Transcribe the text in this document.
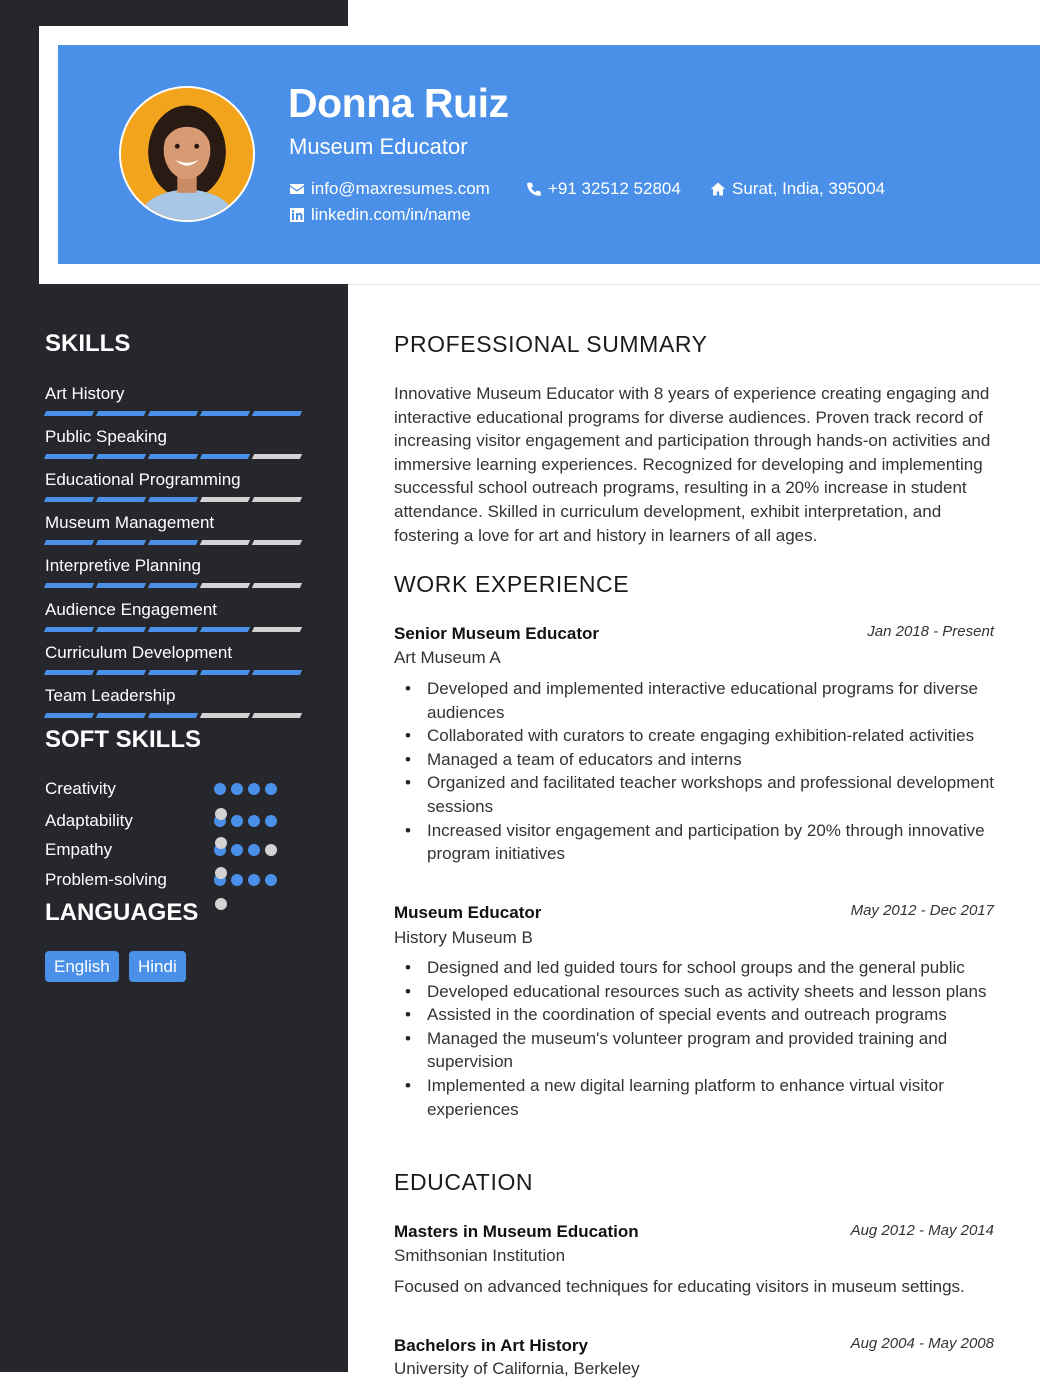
Donna Ruiz
Museum Educator
info@maxresumes.com	+91 32512 52804	Surat, India, 395004
linkedin.com/in/name
SKILLS
Art History
Public Speaking
Educational Programming
Museum Management
Interpretive Planning
Audience Engagement
Curriculum Development
Team Leadership
SOFT SKILLS
Creativity
Adaptability
Empathy
Problem-solving
LANGUAGES
English	Hindi
PROFESSIONAL SUMMARY

Innovative Museum Educator with 8 years of experience creating engaging and interactive educational programs for diverse audiences. Proven track record of increasing visitor engagement and participation through hands-on activities and immersive learning experiences. Recognized for developing and implementing successful school outreach programs, resulting in a 20% increase in student attendance. Skilled in curriculum development, exhibit interpretation, and fostering a love for art and history in learners of all ages.

WORK EXPERIENCE
Senior Museum Educator	Jan 2018 - Present
Art Museum A
• Developed and implemented interactive educational programs for diverse audiences
• Collaborated with curators to create engaging exhibition-related activities
• Managed a team of educators and interns
• Organized and facilitated teacher workshops and professional development sessions
• Increased visitor engagement and participation by 20% through innovative program initiatives
Museum Educator	May 2012 - Dec 2017
History Museum B
• Designed and led guided tours for school groups and the general public
• Developed educational resources such as activity sheets and lesson plans
• Assisted in the coordination of special events and outreach programs
• Managed the museum's volunteer program and provided training and supervision
• Implemented a new digital learning platform to enhance virtual visitor experiences
EDUCATION
Masters in Museum Education	Aug 2012 - May 2014
Smithsonian Institution

Focused on advanced techniques for educating visitors in museum settings.

Bachelors in Art History	Aug 2004 - May 2008
University of California, Berkeley
